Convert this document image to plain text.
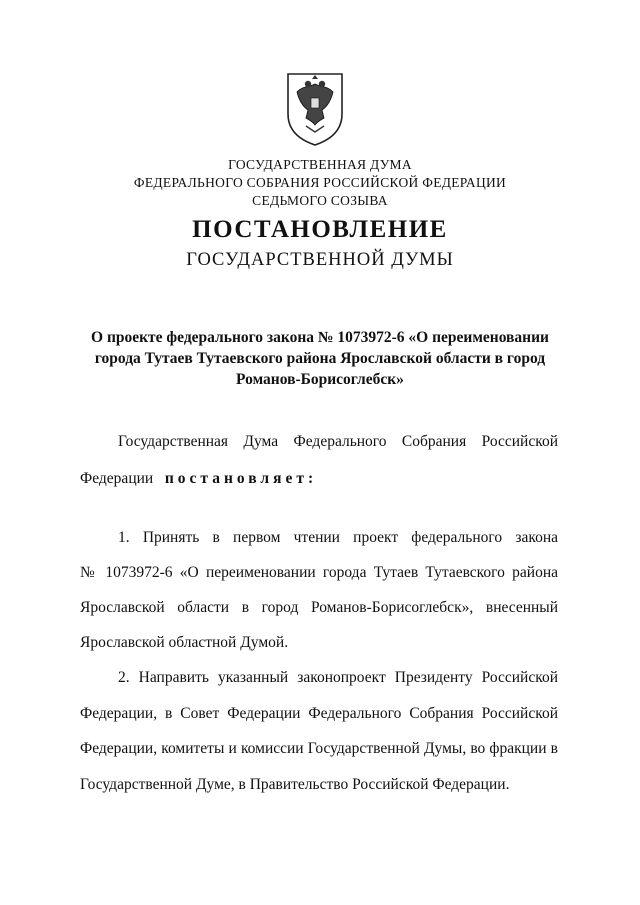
ГОСУДАРСТВЕННАЯ ДУМА
ФЕДЕРАЛЬНОГО СОБРАНИЯ РОССИЙСКОЙ ФЕДЕРАЦИИ
СЕДЬМОГО СОЗЫВА
ПОСТАНОВЛЕНИЕ
ГОСУДАРСТВЕННОЙ ДУМЫ
О проекте федерального закона № 1073972-6 «О переименовании
города Тутаев Тутаевского района Ярославской области в город
Романов-Борисоглебск»
Государственная Дума Федерального Собрания Российской
Федерации постановляет:
1. Принять в первом чтении проект федерального закона
№ 1073972-6 «О переименовании города Тутаев Тутаевского района
Ярославской области в город Романов-Борисоглебск», внесенный
Ярославской областной Думой.
2. Направить указанный законопроект Президенту Российской
Федерации, в Совет Федерации Федерального Собрания Российской
Федерации, комитеты и комиссии Государственной Думы, во фракции в
Государственной Думе, в Правительство Российской Федерации.
